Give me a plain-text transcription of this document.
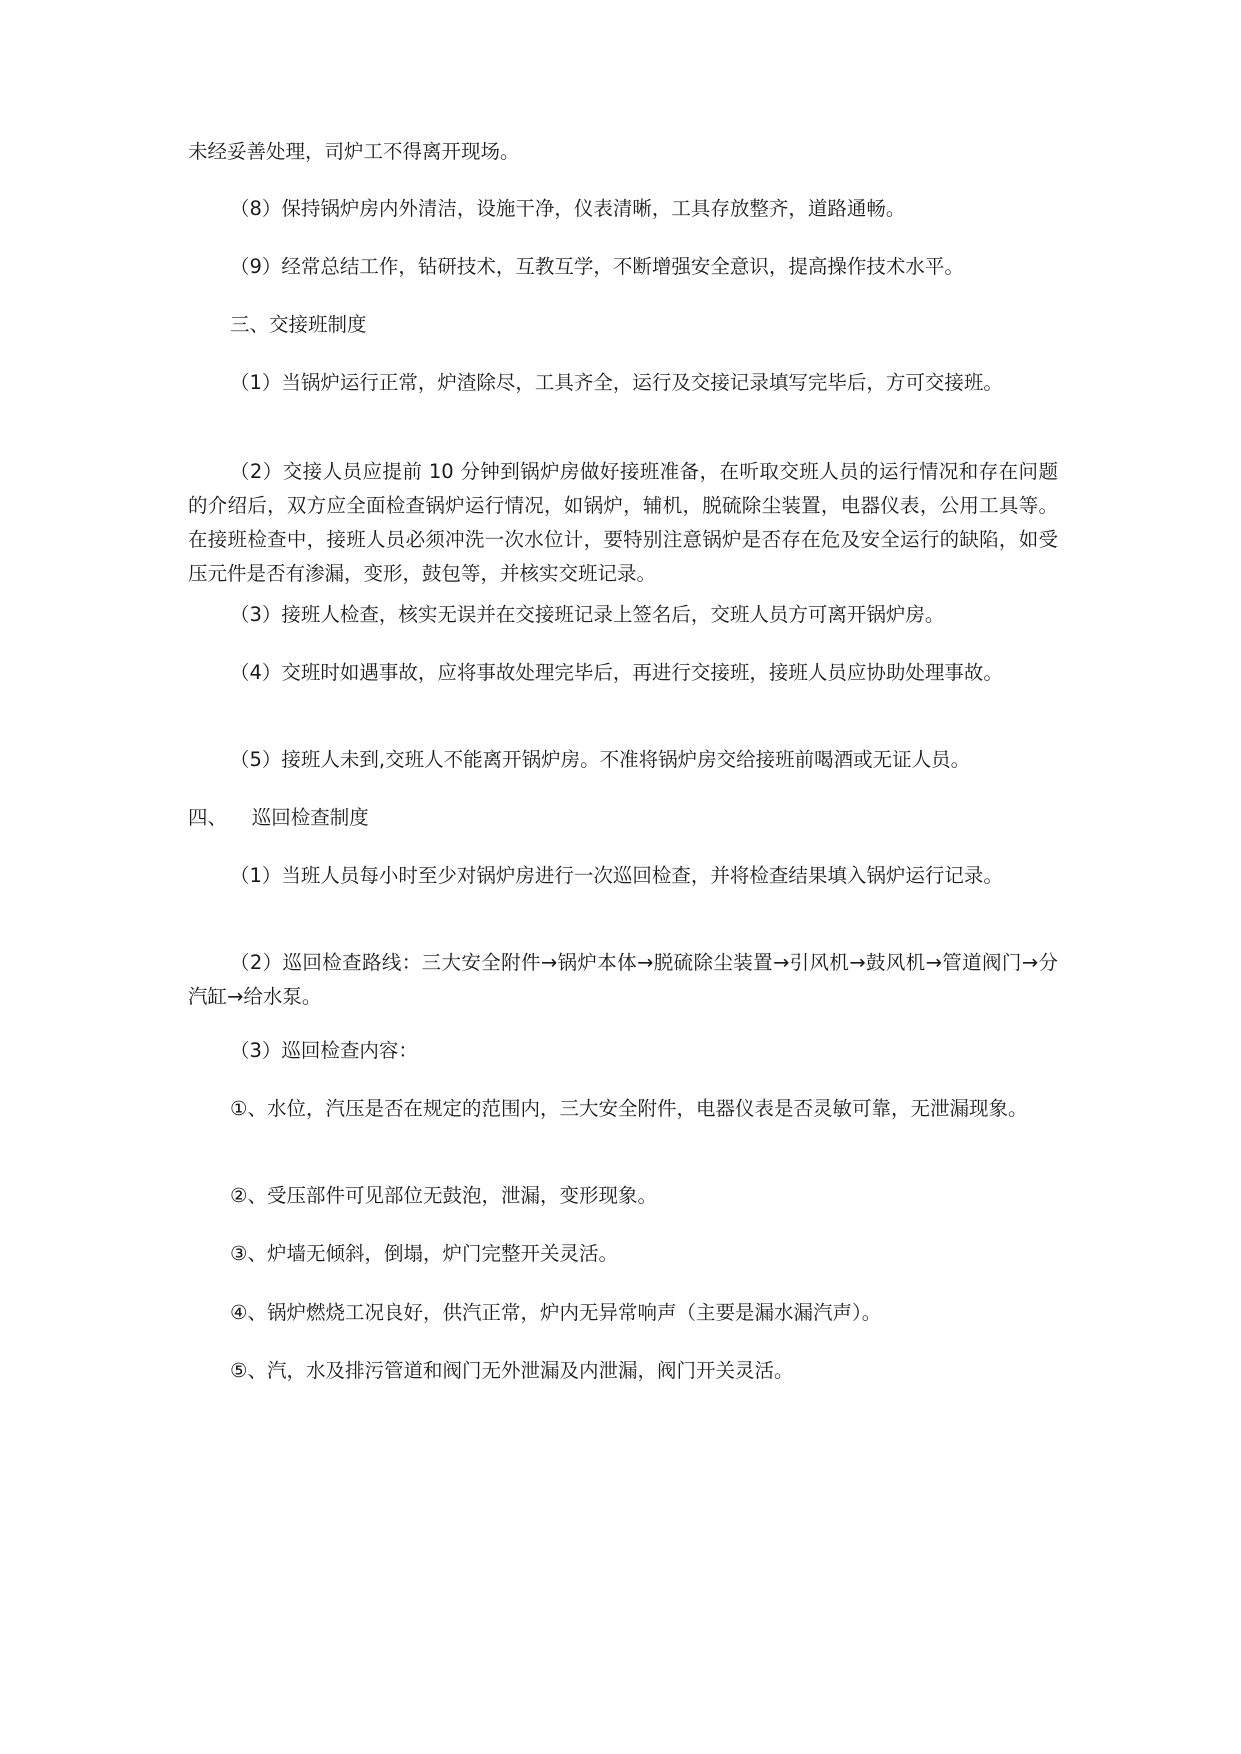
未经妥善处理，司炉工不得离开现场。

（8）保持锅炉房内外清洁，设施干净，仪表清晰，工具存放整齐，道路通畅。

（9）经常总结工作，钻研技术，互教互学，不断增强安全意识，提高操作技术水平。

三、交接班制度

（1）当锅炉运行正常，炉渣除尽，工具齐全，运行及交接记录填写完毕后，方可交接班。

（2）交接人员应提前 10 分钟到锅炉房做好接班准备，在听取交班人员的运行情况和存在问题的介绍后，双方应全面检查锅炉运行情况，如锅炉，辅机，脱硫除尘装置，电器仪表，公用工具等。在接班检查中，接班人员必须冲洗一次水位计，要特别注意锅炉是否存在危及安全运行的缺陷，如受压元件是否有渗漏，变形，鼓包等，并核实交班记录。

（3）接班人检查，核实无误并在交接班记录上签名后，交班人员方可离开锅炉房。

（4）交班时如遇事故，应将事故处理完毕后，再进行交接班，接班人员应协助处理事故。

（5）接班人未到,交班人不能离开锅炉房。不准将锅炉房交给接班前喝酒或无证人员。

四、    巡回检查制度

（1）当班人员每小时至少对锅炉房进行一次巡回检查，并将检查结果填入锅炉运行记录。

（2）巡回检查路线：三大安全附件→锅炉本体→脱硫除尘装置→引风机→鼓风机→管道阀门→分汽缸→给水泵。

（3）巡回检查内容：

①、水位，汽压是否在规定的范围内，三大安全附件，电器仪表是否灵敏可靠，无泄漏现象。

②、受压部件可见部位无鼓泡，泄漏，变形现象。

③、炉墙无倾斜，倒塌，炉门完整开关灵活。

④、锅炉燃烧工况良好，供汽正常，炉内无异常响声（主要是漏水漏汽声）。

⑤、汽，水及排污管道和阀门无外泄漏及内泄漏，阀门开关灵活。
